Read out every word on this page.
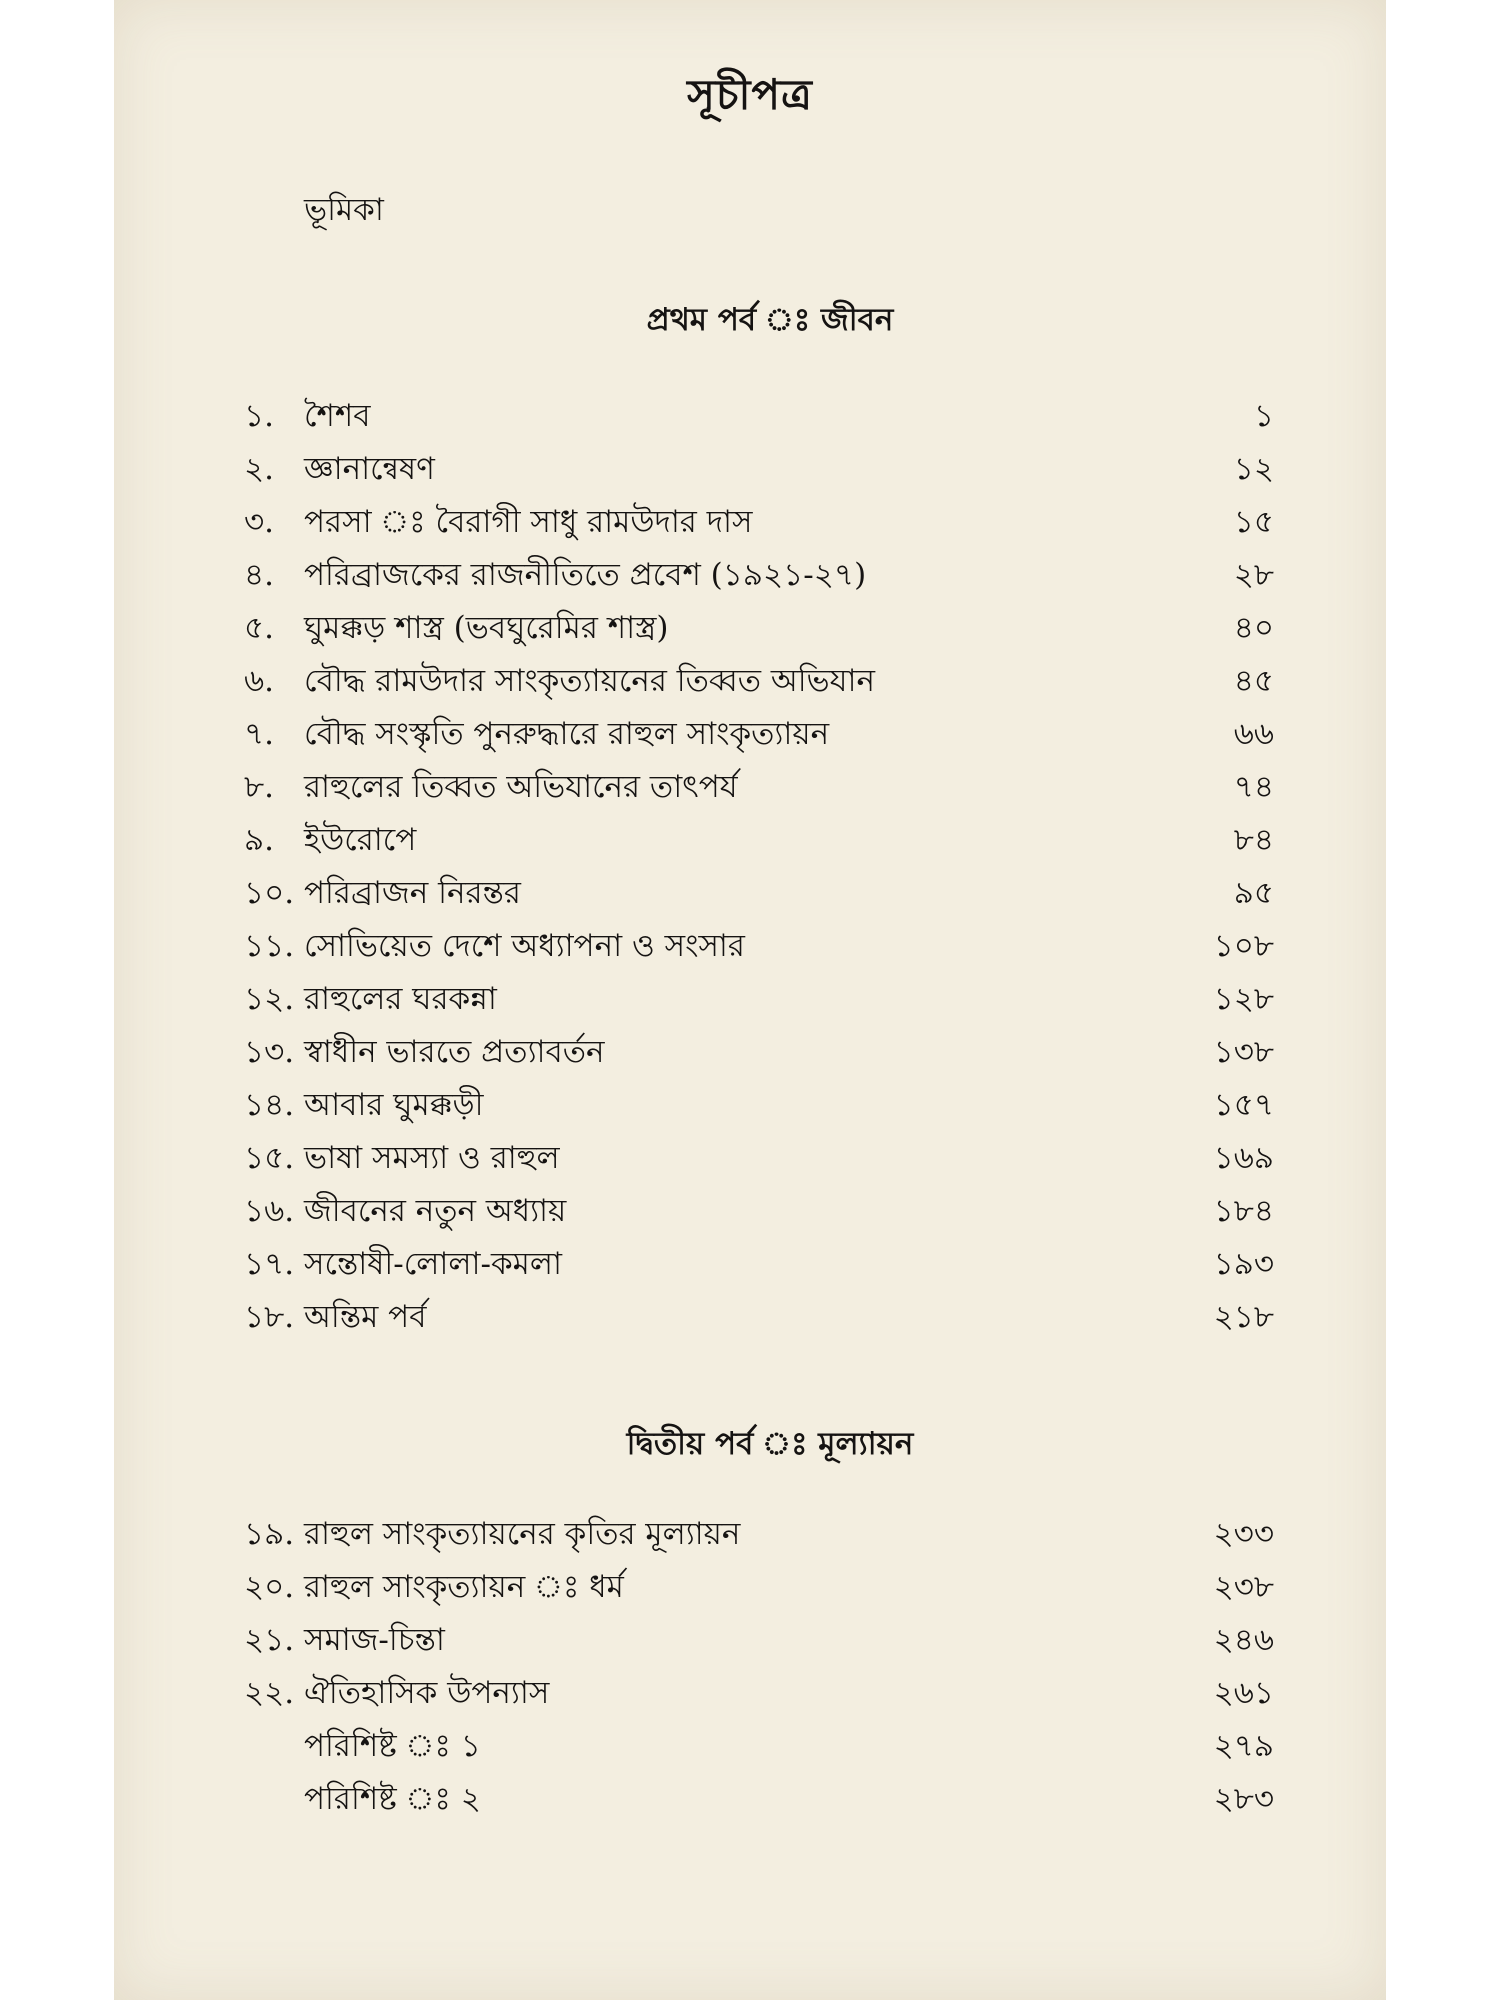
সূচীপত্র
ভূমিকা
প্রথম পর্ব ঃ জীবন
১. শৈশব	১
২. জ্ঞানান্বেষণ	১২
৩. পরসা ঃ বৈরাগী সাধু রামউদার দাস	১৫
৪. পরিব্রাজকের রাজনীতিতে প্রবেশ (১৯২১-২৭)	২৮
৫. ঘুমক্কড় শাস্ত্র (ভবঘুরেমির শাস্ত্র)	৪০
৬. বৌদ্ধ রামউদার সাংকৃত্যায়নের তিব্বত অভিযান	৪৫
৭. বৌদ্ধ সংস্কৃতি পুনরুদ্ধারে রাহুল সাংকৃত্যায়ন	৬৬
৮. রাহুলের তিব্বত অভিযানের তাৎপর্য	৭৪
৯. ইউরোপে	৮৪
১০. পরিব্রাজন নিরন্তর	৯৫
১১. সোভিয়েত দেশে অধ্যাপনা ও সংসার	১০৮
১২. রাহুলের ঘরকন্না	১২৮
১৩. স্বাধীন ভারতে প্রত্যাবর্তন	১৩৮
১৪. আবার ঘুমক্কড়ী	১৫৭
১৫. ভাষা সমস্যা ও রাহুল	১৬৯
১৬. জীবনের নতুন অধ্যায়	১৮৪
১৭. সন্তোষী-লোলা-কমলা	১৯৩
১৮. অন্তিম পর্ব	২১৮
দ্বিতীয় পর্ব ঃ মূল্যায়ন
১৯. রাহুল সাংকৃত্যায়নের কৃতির মূল্যায়ন	২৩৩
২০. রাহুল সাংকৃত্যায়ন ঃ ধর্ম	২৩৮
২১. সমাজ-চিন্তা	২৪৬
২২. ঐতিহাসিক উপন্যাস	২৬১
পরিশিষ্ট ঃ ১	২৭৯
পরিশিষ্ট ঃ ২	২৮৩
